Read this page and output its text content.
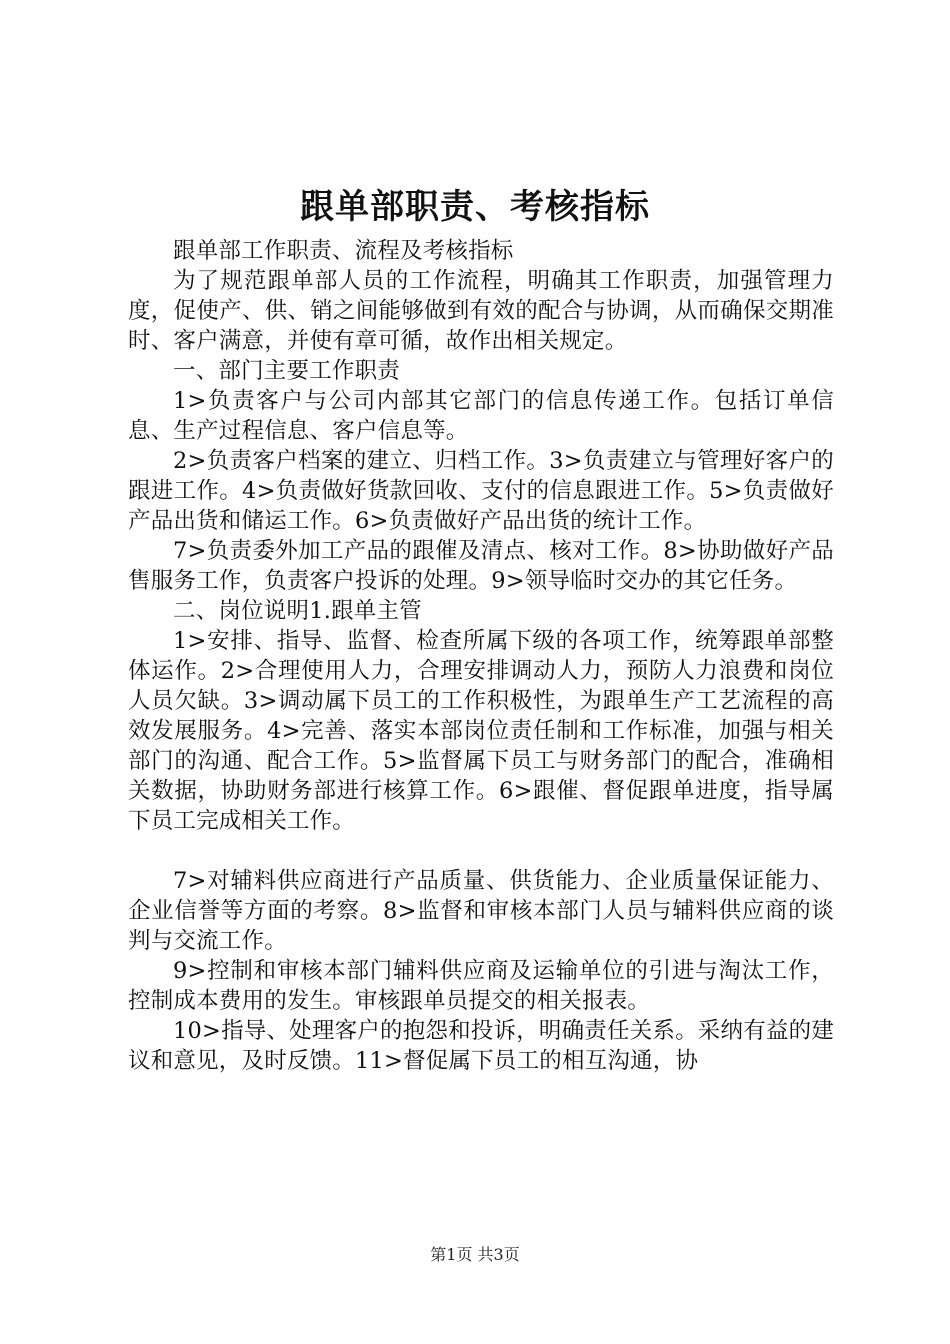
跟单部职责、考核指标

跟单部工作职责、流程及考核指标

为了规范跟单部人员的工作流程，明确其工作职责，加强管理力度，促使产、供、销之间能够做到有效的配合与协调，从而确保交期准时、客户满意，并使有章可循，故作出相关规定。

一、部门主要工作职责

1>负责客户与公司内部其它部门的信息传递工作。包括订单信息、生产过程信息、客户信息等。

2>负责客户档案的建立、归档工作。3>负责建立与管理好客户的跟进工作。4>负责做好货款回收、支付的信息跟进工作。5>负责做好产品出货和储运工作。6>负责做好产品出货的统计工作。

7>负责委外加工产品的跟催及清点、核对工作。8>协助做好产品售服务工作，负责客户投诉的处理。9>领导临时交办的其它任务。

二、岗位说明1.跟单主管

1>安排、指导、监督、检查所属下级的各项工作，统筹跟单部整体运作。2>合理使用人力，合理安排调动人力，预防人力浪费和岗位人员欠缺。3>调动属下员工的工作积极性，为跟单生产工艺流程的高效发展服务。4>完善、落实本部岗位责任制和工作标准，加强与相关部门的沟通、配合工作。5>监督属下员工与财务部门的配合，准确相关数据，协助财务部进行核算工作。6>跟催、督促跟单进度，指导属下员工完成相关工作。

7>对辅料供应商进行产品质量、供货能力、企业质量保证能力、企业信誉等方面的考察。8>监督和审核本部门人员与辅料供应商的谈判与交流工作。

9>控制和审核本部门辅料供应商及运输单位的引进与淘汰工作，控制成本费用的发生。审核跟单员提交的相关报表。

10>指导、处理客户的抱怨和投诉，明确责任关系。采纳有益的建议和意见，及时反馈。11>督促属下员工的相互沟通，协

第1页 共3页
